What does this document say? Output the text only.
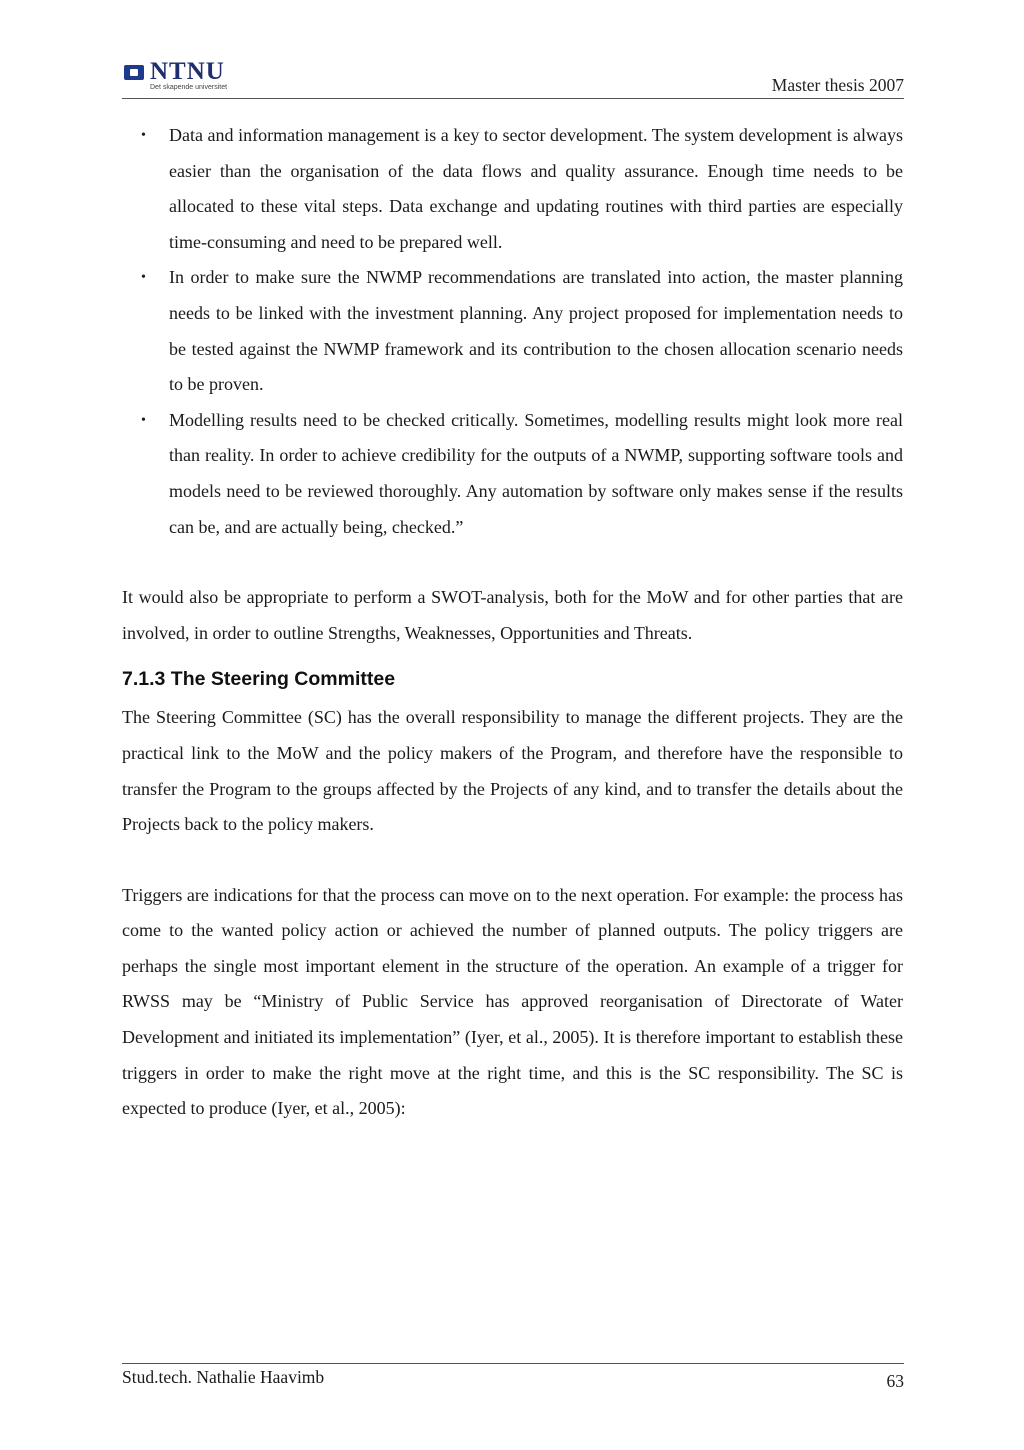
NTNU
Det skapende universitet	Master thesis 2007
• Data and information management is a key to sector development. The system development is always easier than the organisation of the data flows and quality assurance. Enough time needs to be allocated to these vital steps. Data exchange and updating routines with third parties are especially time-consuming and need to be prepared well.
• In order to make sure the NWMP recommendations are translated into action, the master planning needs to be linked with the investment planning. Any project proposed for implementation needs to be tested against the NWMP framework and its contribution to the chosen allocation scenario needs to be proven.
• Modelling results need to be checked critically. Sometimes, modelling results might look more real than reality. In order to achieve credibility for the outputs of a NWMP, supporting software tools and models need to be reviewed thoroughly. Any automation by software only makes sense if the results can be, and are actually being, checked.”

It would also be appropriate to perform a SWOT-analysis, both for the MoW and for other parties that are involved, in order to outline Strengths, Weaknesses, Opportunities and Threats.

7.1.3 The Steering Committee

The Steering Committee (SC) has the overall responsibility to manage the different projects. They are the practical link to the MoW and the policy makers of the Program, and therefore have the responsible to transfer the Program to the groups affected by the Projects of any kind, and to transfer the details about the Projects back to the policy makers.

Triggers are indications for that the process can move on to the next operation. For example: the process has come to the wanted policy action or achieved the number of planned outputs. The policy triggers are perhaps the single most important element in the structure of the operation. An example of a trigger for RWSS may be “Ministry of Public Service has approved reorganisation of Directorate of Water Development and initiated its implementation” (Iyer, et al., 2005). It is therefore important to establish these triggers in order to make the right move at the right time, and this is the SC responsibility. The SC is expected to produce (Iyer, et al., 2005):

Stud.tech. Nathalie Haavimb	63
